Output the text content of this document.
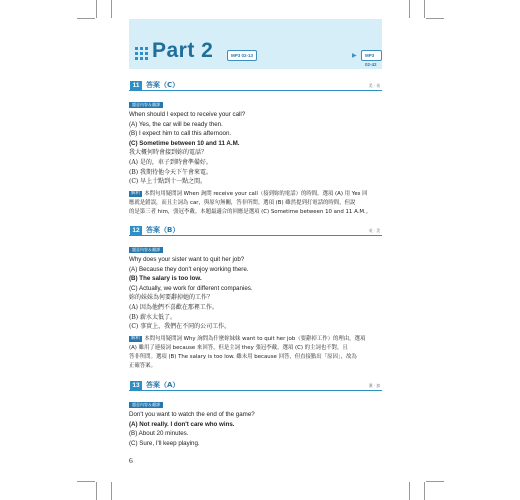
Part 2	MP3 02-13	▶	MP3 02-42
11 答案（C）	美 · 英
題意內容＆翻譯
When should I expect to receive your call?
(A) Yes, the car will be ready then.
(B) I expect him to call this afternoon.
(C) Sometime between 10 and 11 A.M.
我大概何時會接到妳的電話？
(A) 是的，車子到時會準備好。
(B) 我期待他今天下午會來電。
(C) 早上十點到十一點之間。
解析 本問句用疑問詞 When 詢問 receive your call（接到妳的電話）的時間。選項 (A) 用 Yes 回
應就是錯誤，而且主詞為 car，與原句無關，答非所問。選項 (B) 雖然提到打電話的時間，但說
的是第三者 him，張冠李戴。本題最適合的回應是選項 (C) Sometime between 10 and 11 A.M.。
12 答案（B）	英 · 美
題意內容＆翻譯
Why does your sister want to quit her job?
(A) Because they don't enjoy working there.
(B) The salary is too low.
(C) Actually, we work for different companies.
妳的妹妹為何要辭掉她的工作？
(A) 因為他們不喜歡在那裡工作。
(B) 薪水太低了。
(C) 事實上，我們在不同的公司工作。
解析 本問句用疑問詞 Why 詢問為什麼妳妹妹 want to quit her job（要辭掉工作）的理由。選項
(A) 雖用了連接詞 because 來回答，但是主詞 they 張冠李戴。選項 (C) 的主詞也不對，且
答非所問。選項 (B) The salary is too low. 雖未用 because 回答，但直接點出「原因」，故為
正確答案。
13 答案（A）	澳 · 加
題意內容＆翻譯
Don't you want to watch the end of the game?
(A) Not really. I don't care who wins.
(B) About 20 minutes.
(C) Sure, I'll keep playing.
6
